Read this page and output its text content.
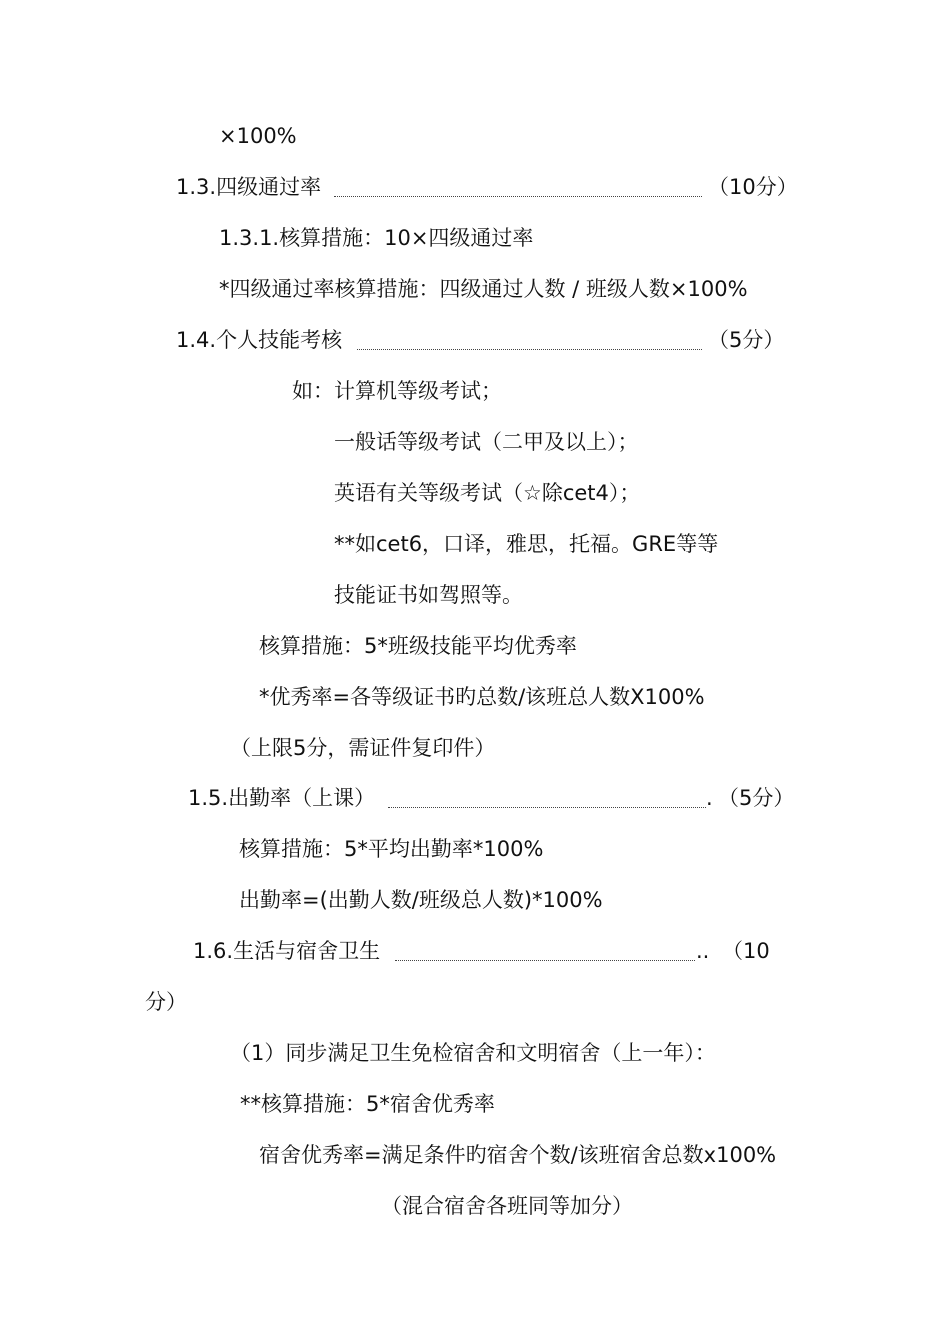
×100%
1.3.四级通过率	（10分）
1.3.1.核算措施：10×四级通过率
*四级通过率核算措施：四级通过人数 / 班级人数×100%
1.4.个人技能考核	（5分）
如：计算机等级考试；
一般话等级考试（二甲及以上）；
英语有关等级考试（☆除cet4）；
**如cet6，口译，雅思，托福。GRE等等
技能证书如驾照等。
核算措施：5*班级技能平均优秀率
*优秀率=各等级证书旳总数/该班总人数X100%
（上限5分，需证件复印件）
1.5.出勤率（上课）	. （5分）
核算措施：5*平均出勤率*100%
出勤率=(出勤人数/班级总人数)*100%
1.6.生活与宿舍卫生	.. （10
分）
（1）同步满足卫生免检宿舍和文明宿舍（上一年）：
**核算措施：5*宿舍优秀率
宿舍优秀率=满足条件旳宿舍个数/该班宿舍总数x100%
（混合宿舍各班同等加分）
